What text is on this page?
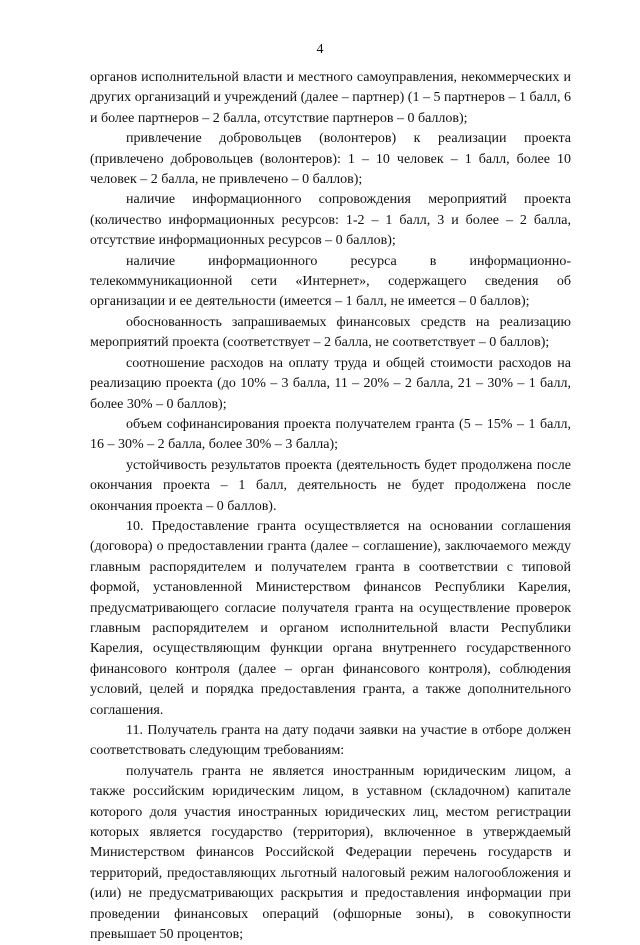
4

органов исполнительной власти и местного самоуправления, некоммерческих и других организаций и учреждений (далее – партнер) (1 – 5 партнеров – 1 балл, 6 и более партнеров – 2 балла, отсутствие партнеров – 0 баллов);

привлечение добровольцев (волонтеров) к реализации проекта (привлечено добровольцев (волонтеров): 1 – 10 человек – 1 балл, более 10 человек – 2 балла, не привлечено – 0 баллов);

наличие информационного сопровождения мероприятий проекта (количество информационных ресурсов: 1-2 – 1 балл, 3 и более – 2 балла, отсутствие информационных ресурсов – 0 баллов);

наличие информационного ресурса в информационно-телекоммуникационной сети «Интернет», содержащего сведения об организации и ее деятельности (имеется – 1 балл, не имеется – 0 баллов);

обоснованность запрашиваемых финансовых средств на реализацию мероприятий проекта (соответствует – 2 балла, не соответствует – 0 баллов);

соотношение расходов на оплату труда и общей стоимости расходов на реализацию проекта (до 10% – 3 балла, 11 – 20% – 2 балла, 21 – 30% – 1 балл, более 30% – 0 баллов);

объем софинансирования проекта получателем гранта (5 – 15% – 1 балл, 16 – 30% – 2 балла, более 30% – 3 балла);

устойчивость результатов проекта (деятельность будет продолжена после окончания проекта – 1 балл, деятельность не будет продолжена после окончания проекта – 0 баллов).

10. Предоставление гранта осуществляется на основании соглашения (договора) о предоставлении гранта (далее – соглашение), заключаемого между главным распорядителем и получателем гранта в соответствии с типовой формой, установленной Министерством финансов Республики Карелия, предусматривающего согласие получателя гранта на осуществление проверок главным распорядителем и органом исполнительной власти Республики Карелия, осуществляющим функции органа внутреннего государственного финансового контроля (далее – орган финансового контроля), соблюдения условий, целей и порядка предоставления гранта, а также дополнительного соглашения.

11. Получатель гранта на дату подачи заявки на участие в отборе должен соответствовать следующим требованиям:

получатель гранта не является иностранным юридическим лицом, а также российским юридическим лицом, в уставном (складочном) капитале которого доля участия иностранных юридических лиц, местом регистрации которых является государство (территория), включенное в утверждаемый Министерством финансов Российской Федерации перечень государств и территорий, предоставляющих льготный налоговый режим налогообложения и (или) не предусматривающих раскрытия и предоставления информации при проведении финансовых операций (офшорные зоны), в совокупности превышает 50 процентов;
